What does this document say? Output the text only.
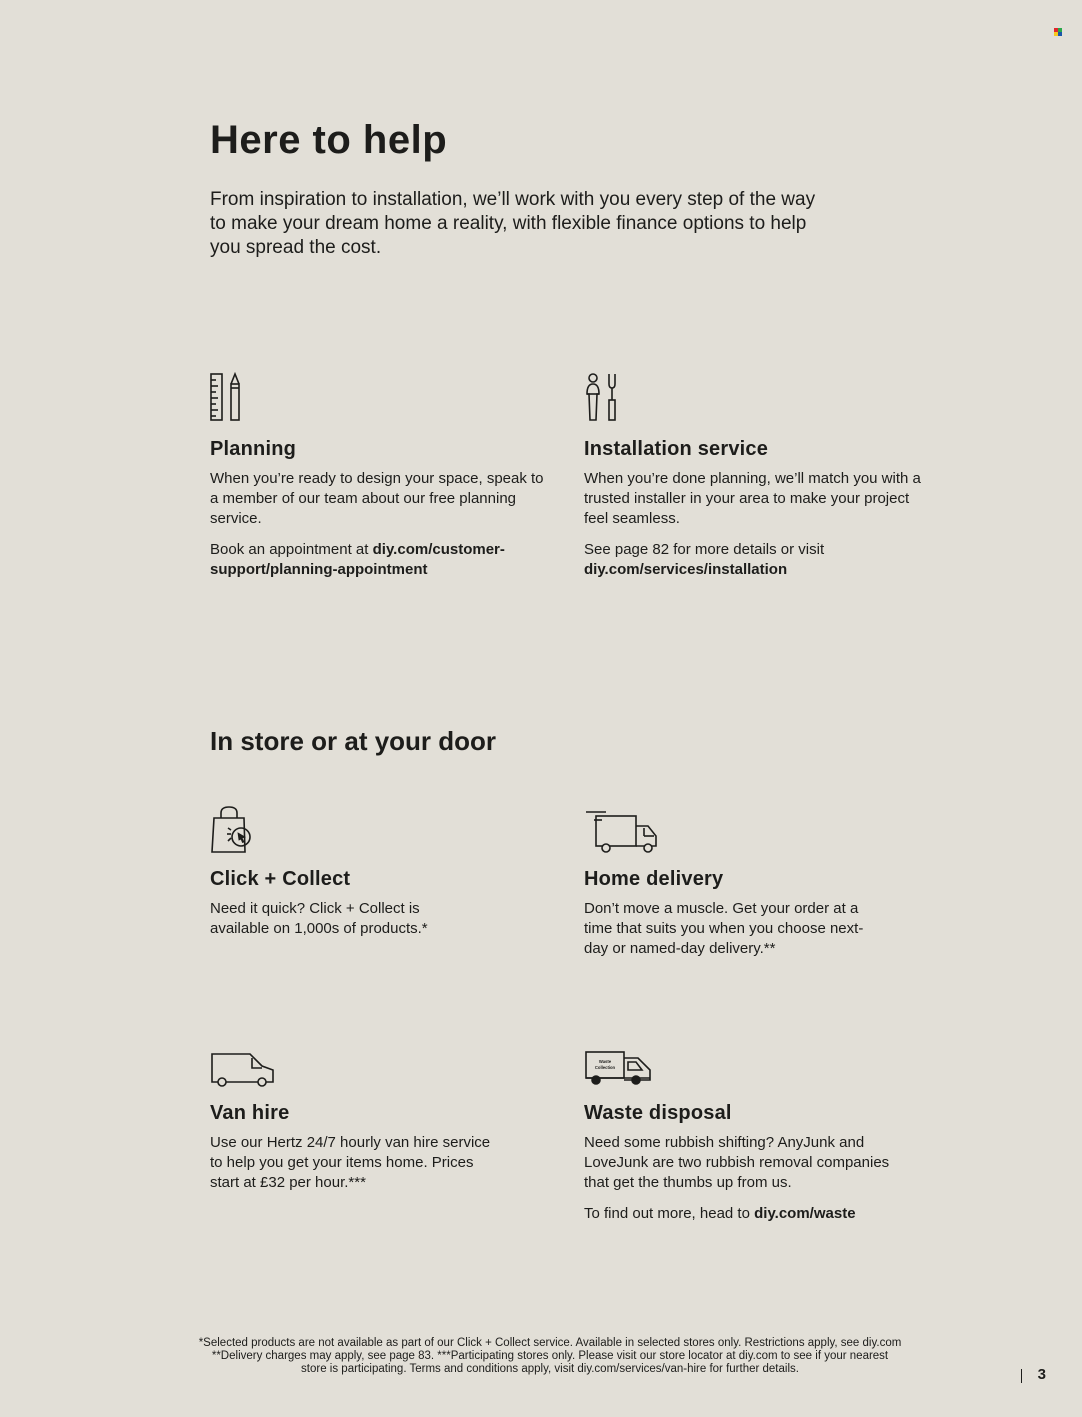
Here to help
From inspiration to installation, we’ll work with you every step of the way to make your dream home a reality, with flexible finance options to help you spread the cost.
Planning
When you’re ready to design your space, speak to a member of our team about our free planning service.
Book an appointment at diy.com/customer-support/planning-appointment
Installation service
When you’re done planning, we’ll match you with a trusted installer in your area to make your project feel seamless.
See page 82 for more details or visit diy.com/services/installation
In store or at your door
Click + Collect
Need it quick? Click + Collect is available on 1,000s of products.*
Home delivery
Don’t move a muscle. Get your order at a time that suits you when you choose next-day or named-day delivery.**
Van hire
Use our Hertz 24/7 hourly van hire service to help you get your items home. Prices start at £32 per hour.***
Waste
Collection
Waste disposal
Need some rubbish shifting? AnyJunk and LoveJunk are two rubbish removal companies that get the thumbs up from us.
To find out more, head to diy.com/waste
*Selected products are not available as part of our Click + Collect service. Available in selected stores only. Restrictions apply, see diy.com
**Delivery charges may apply, see page 83. ***Participating stores only. Please visit our store locator at diy.com to see if your nearest
store is participating. Terms and conditions apply, visit diy.com/services/van-hire for further details.	3
